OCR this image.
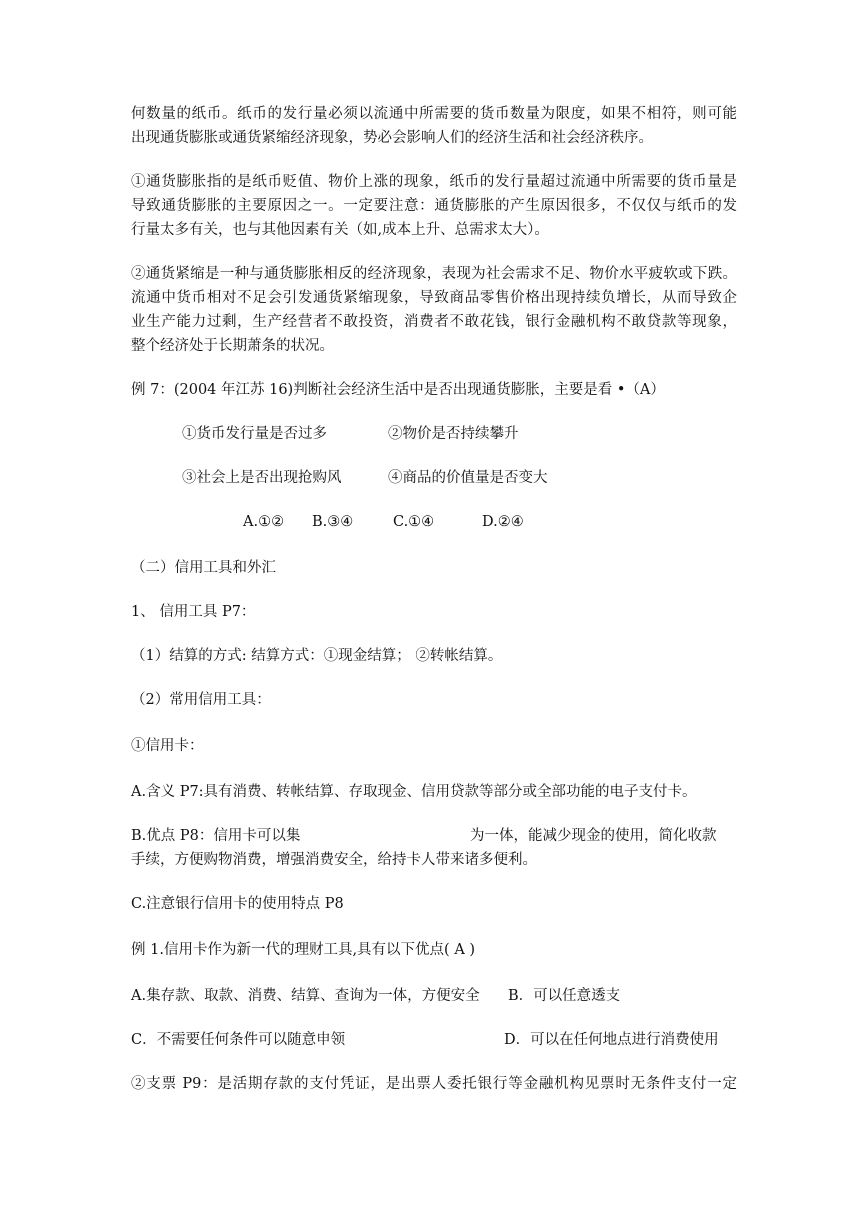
何数量的纸币。纸币的发行量必须以流通中所需要的货币数量为限度，如果不相符，则可能
出现通货膨胀或通货紧缩经济现象，势必会影响人们的经济生活和社会经济秩序。
①通货膨胀指的是纸币贬值、物价上涨的现象，纸币的发行量超过流通中所需要的货币量是
导致通货膨胀的主要原因之一。一定要注意：通货膨胀的产生原因很多，不仅仅与纸币的发
行量太多有关，也与其他因素有关（如,成本上升、总需求太大）。
②通货紧缩是一种与通货膨胀相反的经济现象，表现为社会需求不足、物价水平疲软或下跌。
流通中货币相对不足会引发通货紧缩现象，导致商品零售价格出现持续负增长，从而导致企
业生产能力过剩，生产经营者不敢投资，消费者不敢花钱，银行金融机构不敢贷款等现象，
整个经济处于长期萧条的状况。
例 7：(2004 年江苏 16)判断社会经济生活中是否出现通货膨胀，主要是看 •（A）
①货币发行量是否过多	②物价是否持续攀升
③社会上是否出现抢购风	④商品的价值量是否变大
A.①② B.③④	C.①④	D.②④
（二）信用工具和外汇
1、 信用工具 P7：
（1）结算的方式: 结算方式：①现金结算； ②转帐结算。
（2）常用信用工具：
①信用卡：
A.含义 P7:具有消费、转帐结算、存取现金、信用贷款等部分或全部功能的电子支付卡。
B.优点 P8：信用卡可以集	为一体，能减少现金的使用，简化收款
手续，方便购物消费，增强消费安全，给持卡人带来诸多便利。
C.注意银行信用卡的使用特点 P8
例 1.信用卡作为新一代的理财工具,具有以下优点( A )
A.集存款、取款、消费、结算、查询为一体，方便安全 B．可以任意透支
C．不需要任何条件可以随意申领	D．可以在任何地点进行消费使用
②支票 P9：是活期存款的支付凭证，是出票人委托银行等金融机构见票时无条件支付一定
